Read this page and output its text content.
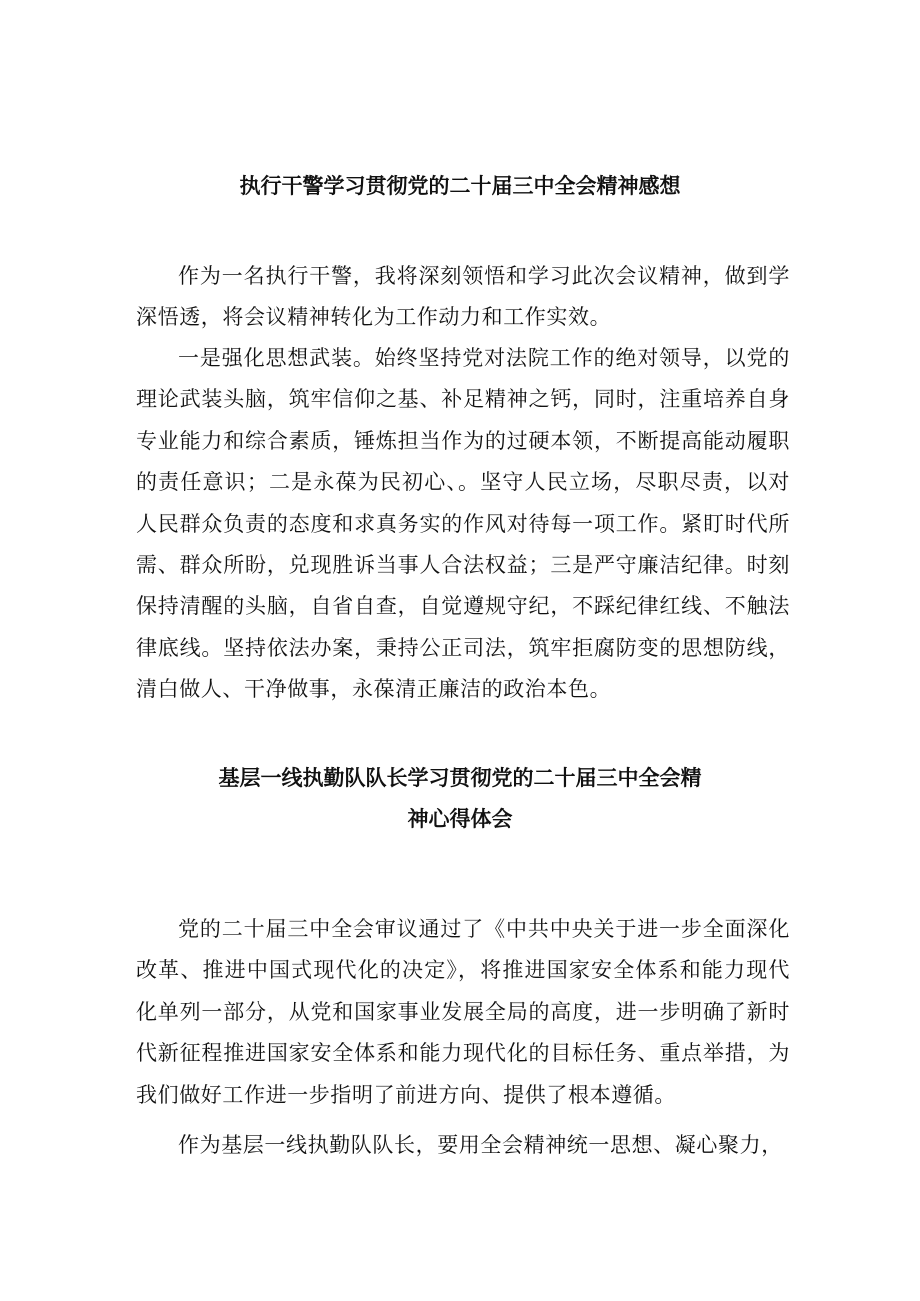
执行干警学习贯彻党的二十届三中全会精神感想

作为一名执行干警，我将深刻领悟和学习此次会议精神，做到学深悟透，将会议精神转化为工作动力和工作实效。

一是强化思想武装。始终坚持党对法院工作的绝对领导，以党的理论武装头脑，筑牢信仰之基、补足精神之钙，同时，注重培养自身专业能力和综合素质，锤炼担当作为的过硬本领，不断提高能动履职的责任意识；二是永葆为民初心、。坚守人民立场，尽职尽责，以对人民群众负责的态度和求真务实的作风对待每一项工作。紧盯时代所需、群众所盼，兑现胜诉当事人合法权益；三是严守廉洁纪律。时刻保持清醒的头脑，自省自查，自觉遵规守纪，不踩纪律红线、不触法律底线。坚持依法办案，秉持公正司法，筑牢拒腐防变的思想防线，清白做人、干净做事，永葆清正廉洁的政治本色。

基层一线执勤队队长学习贯彻党的二十届三中全会精
神心得体会

党的二十届三中全会审议通过了《中共中央关于进一步全面深化改革、推进中国式现代化的决定》，将推进国家安全体系和能力现代化单列一部分，从党和国家事业发展全局的高度，进一步明确了新时代新征程推进国家安全体系和能力现代化的目标任务、重点举措，为我们做好工作进一步指明了前进方向、提供了根本遵循。

作为基层一线执勤队队长，要用全会精神统一思想、凝心聚力，
